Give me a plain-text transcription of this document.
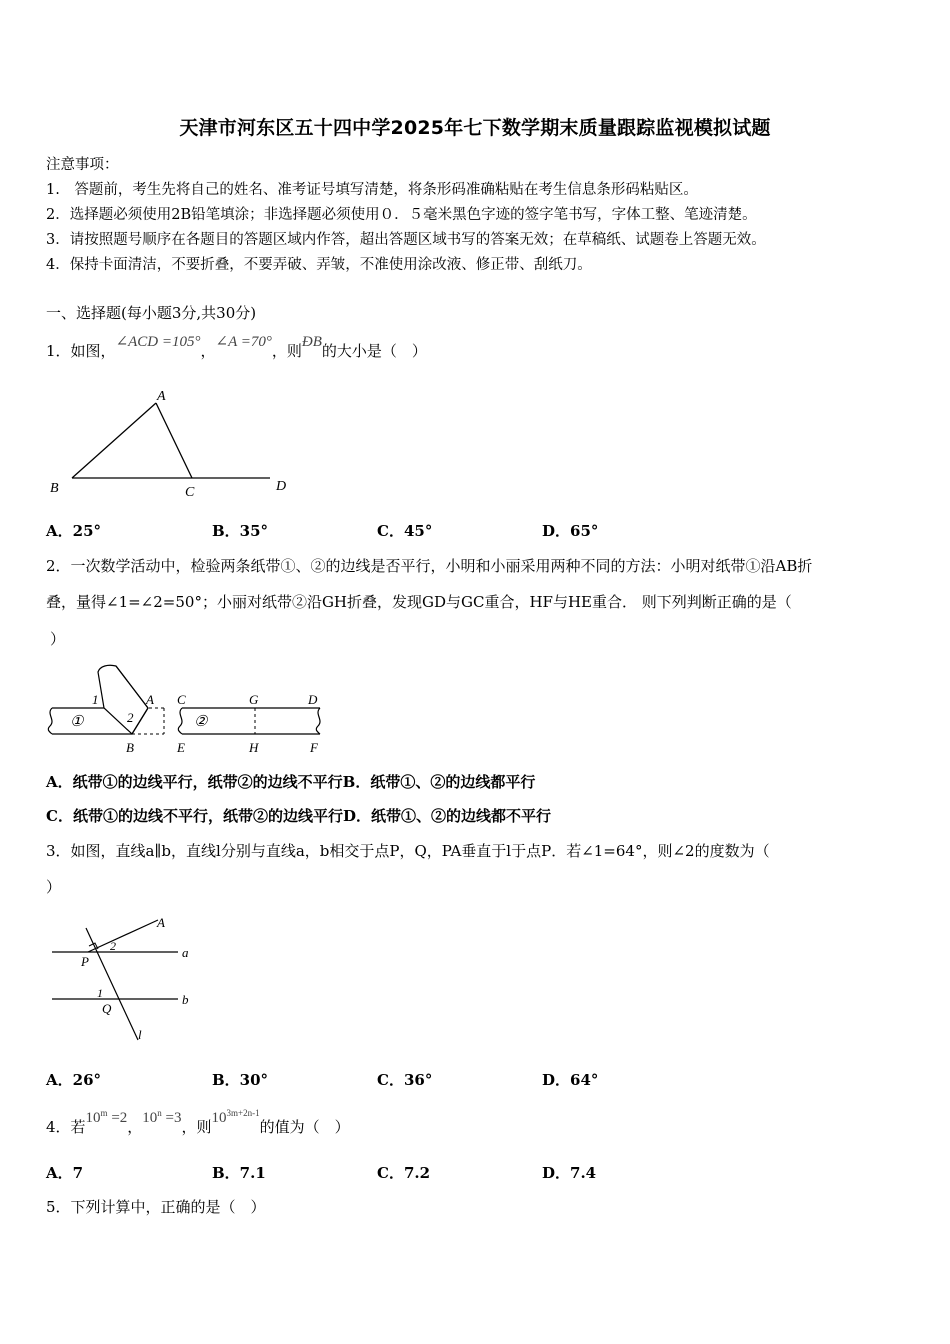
天津市河东区五十四中学2025年七下数学期末质量跟踪监视模拟试题
注意事项：
1.　答题前，考生先将自己的姓名、准考证号填写清楚，将条形码准确粘贴在考生信息条形码粘贴区。
2．选择题必须使用2B铅笔填涂；非选择题必须使用０．５毫米黑色字迹的签字笔书写，字体工整、笔迹清楚。
3．请按照题号顺序在各题目的答题区域内作答，超出答题区域书写的答案无效；在草稿纸、试题卷上答题无效。
4．保持卡面清洁，不要折叠，不要弄破、弄皱，不准使用涂改液、修正带、刮纸刀。
一、选择题(每小题3分,共30分)
1．如图，∠ACD =105°，∠A =70°，则ÐB的大小是（　）
A
B	C	D
A．25°	B．35°	C．45°	D．65°
2．一次数学活动中，检验两条纸带①、②的边线是否平行，小明和小丽采用两种不同的方法：小明对纸带①沿AB折
叠，量得∠1=∠2=50°；小丽对纸带②沿GH折叠，发现GD与GC重合，HF与HE重合． 则下列判断正确的是（
）
①
1
2
A
B
②
C	G	D
E	H	F
A．纸带①的边线平行，纸带②的边线不平行B．纸带①、②的边线都平行
C．纸带①的边线不平行，纸带②的边线平行D．纸带①、②的边线都不平行
3．如图，直线a∥b，直线l分别与直线a，b相交于点P，Q，PA垂直于l于点P．若∠1=64°，则∠2的度数为（
）
A
2
P
a
1
Q
b
l
A．26°	B．30°	C．36°	D．64°
4．若$10^m =2$，$10^n =3$，则$10^{3m+2n-1}$的值为（　）
A．7	B．7.1	C．7.2	D．7.4
5．下列计算中，正确的是（　）
